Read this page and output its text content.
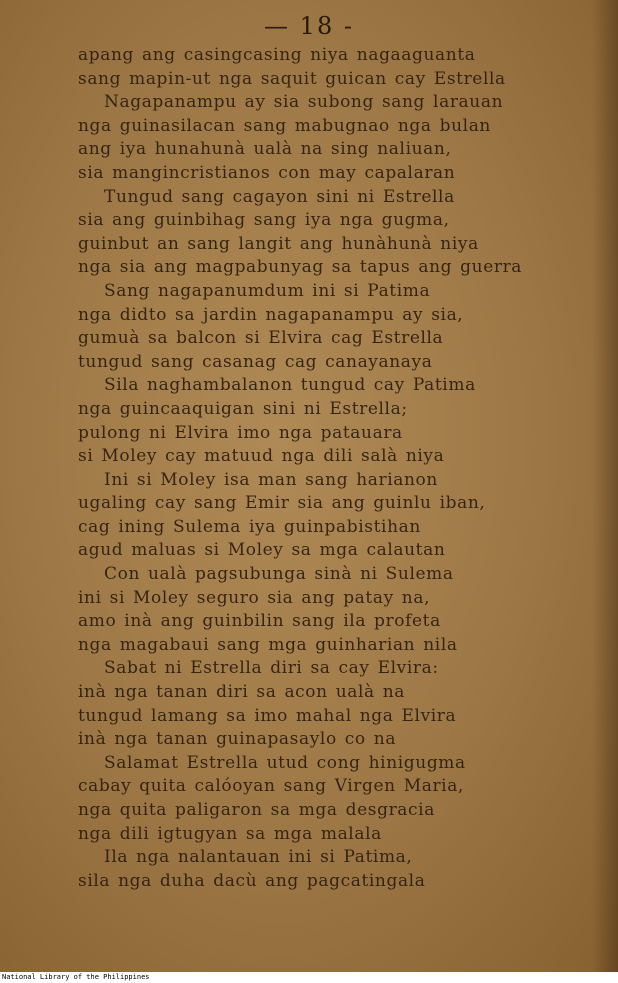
— 18 -
apang ang casingcasing niya nagaaguanta
sang mapin-ut nga saquit guican cay Estrella
Nagapanampu ay sia subong sang larauan
nga guinasilacan sang mabugnao nga bulan
ang iya hunahunà ualà na sing naliuan,
sia mangincristianos con may capalaran
Tungud sang cagayon sini ni Estrella
sia ang guinbihag sang iya nga gugma,
guinbut an sang langit ang hunàhunà niya
nga sia ang magpabunyag sa tapus ang guerra
Sang nagapanumdum ini si Patima
nga didto sa jardin nagapanampu ay sia,
gumuà sa balcon si Elvira cag Estrella
tungud sang casanag cag canayanaya
Sila naghambalanon tungud cay Patima
nga guincaaquigan sini ni Estrella;
pulong ni Elvira imo nga patauara
si Moley cay matuud nga dili salà niya
Ini si Moley isa man sang harianon
ugaling cay sang Emir sia ang guinlu iban,
cag ining Sulema iya guinpabistihan
agud maluas si Moley sa mga calautan
Con ualà pagsubunga sinà ni Sulema
ini si Moley seguro sia ang patay na,
amo inà ang guinbilin sang ila profeta
nga magabaui sang mga guinharian nila
Sabat ni Estrella diri sa cay Elvira:
inà nga tanan diri sa acon ualà na
tungud lamang sa imo mahal nga Elvira
inà nga tanan guinapasaylo co na
Salamat Estrella utud cong hinigugma
cabay quita calóoyan sang Virgen Maria,
nga quita paligaron sa mga desgracia
nga dili igtugyan sa mga malala
Ila nga nalantauan ini si Patima,
sila nga duha dacù ang pagcatingala
National Library of the Philippines
